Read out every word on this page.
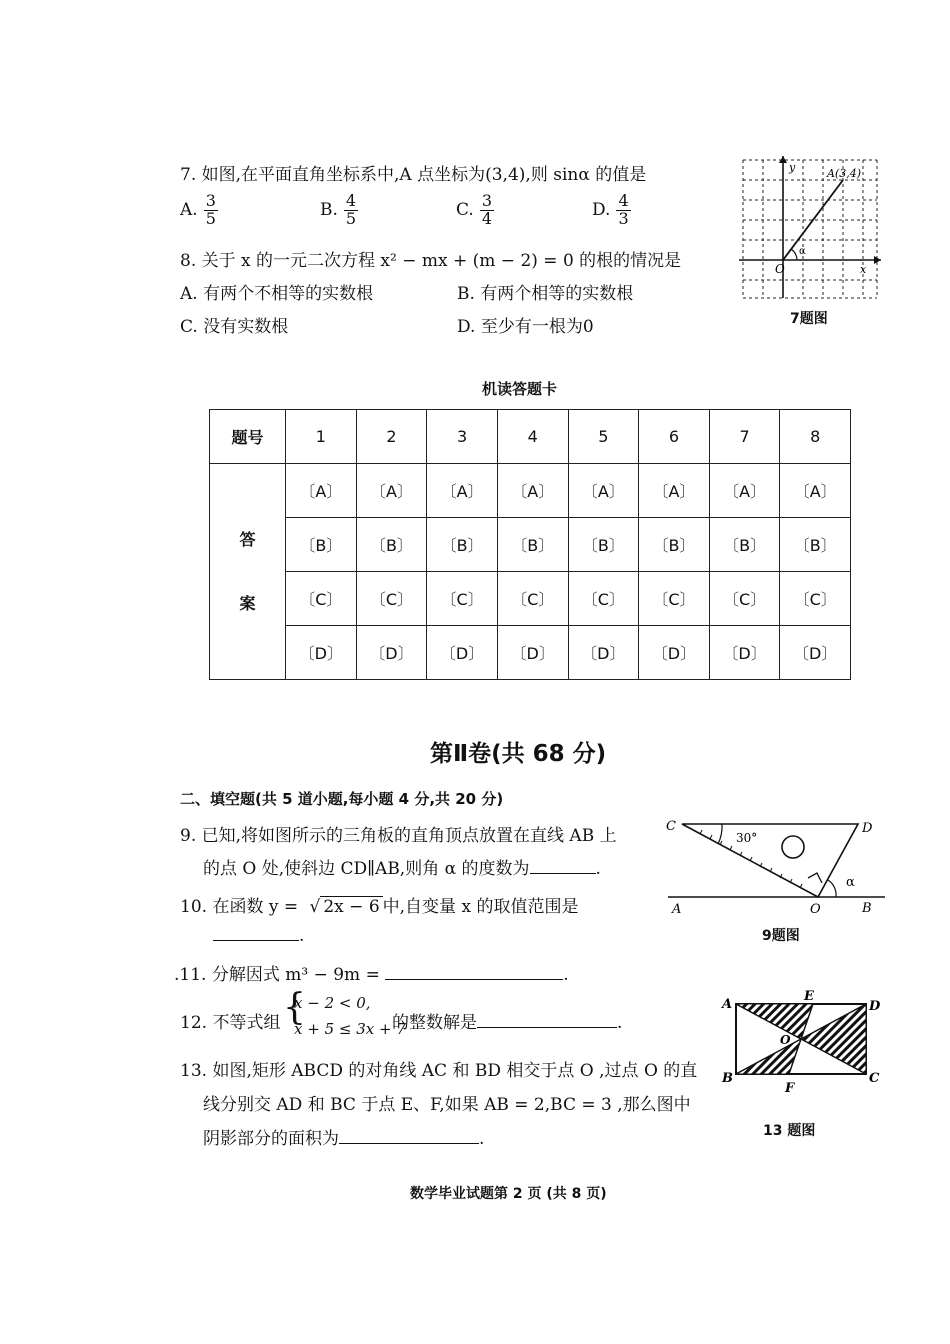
7. 如图,在平面直角坐标系中,A 点坐标为(3,4),则 sinα 的值是
A. $\frac{3}{5}$	B. $\frac{4}{5}$	C. $\frac{3}{4}$	D. $\frac{4}{3}$
O
y
x
A(3,4)
α
7题图
8. 关于 x 的一元二次方程 x² − mx + (m − 2) = 0 的根的情况是
A. 有两个不相等的实数根	B. 有两个相等的实数根
C. 没有实数根	D. 至少有一根为0
机读答题卡
题号	1	2	3	4	5	6	7	8
答
案	〔A〕	〔A〕	〔A〕	〔A〕	〔A〕	〔A〕	〔A〕	〔A〕
	〔B〕	〔B〕	〔B〕	〔B〕	〔B〕	〔B〕	〔B〕	〔B〕
	〔C〕	〔C〕	〔C〕	〔C〕	〔C〕	〔C〕	〔C〕	〔C〕
	〔D〕	〔D〕	〔D〕	〔D〕	〔D〕	〔D〕	〔D〕	〔D〕
第Ⅱ卷(共 68 分)
二、填空题(共 5 道小题,每小题 4 分,共 20 分)
9. 已知,将如图所示的三角板的直角顶点放置在直线 AB 上
的点 O 处,使斜边 CD∥AB,则角 α 的度数为	.
C	D
A	O	B
30°
α
9题图
10. 在函数 y = √ 2x − 6 中,自变量 x 的取值范围是
.
.11. 分解因式 m³ − 9m =	.
12. 不等式组 {
x − 2 < 0,
x + 5 ≤ 3x + 7
的整数解是	.
13. 如图,矩形 ABCD 的对角线 AC 和 BD 相交于点 O ,过点 O 的直
线分别交 AD 和 BC 于点 E、F,如果 AB = 2,BC = 3 ,那么图中
阴影部分的面积为	.
A
E
D
B
F
C
O
13 题图
数学毕业试题第 2 页 (共 8 页)
